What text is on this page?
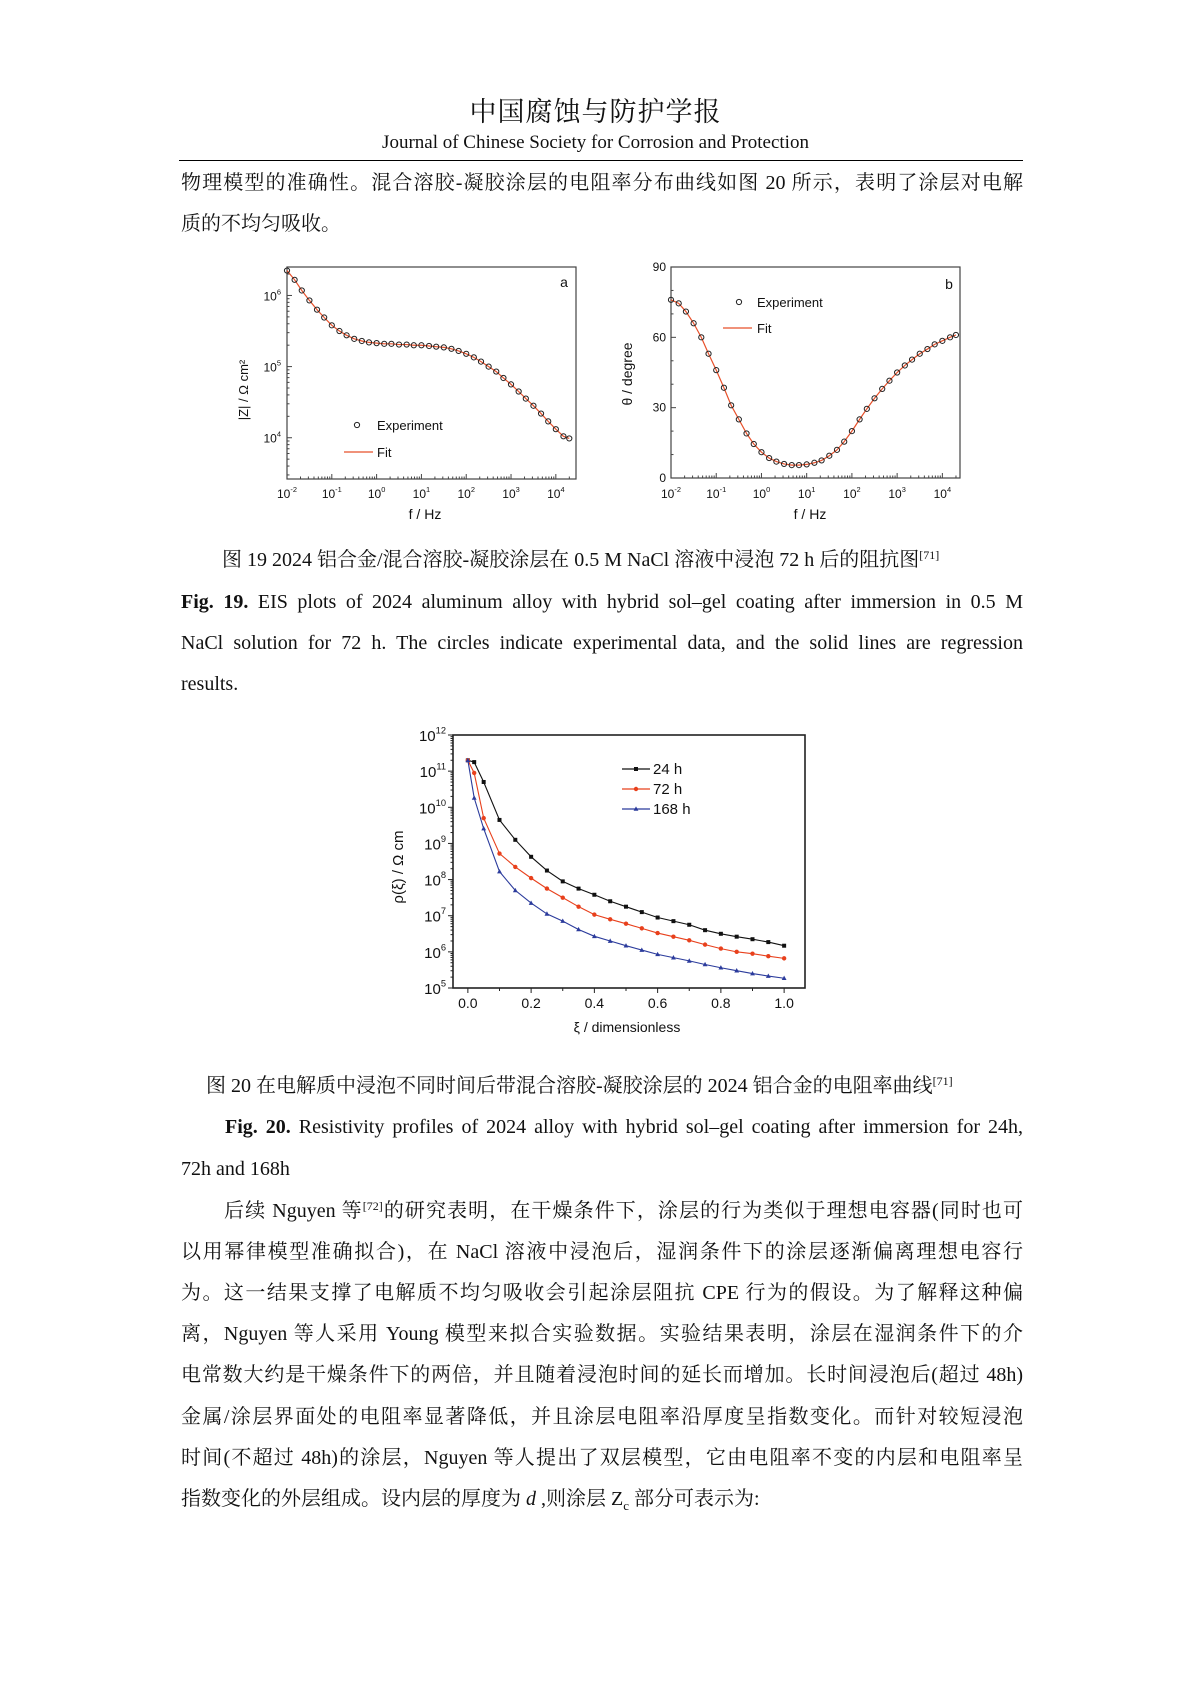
中国腐蚀与防护学报
Journal of Chinese Society for Corrosion and Protection
物理模型的准确性。混合溶胶-凝胶涂层的电阻率分布曲线如图 20 所示，表明了涂层对电解
质的不均匀吸收。
图 19 2024 铝合金/混合溶胶-凝胶涂层在 0.5 M NaCl 溶液中浸泡 72 h 后的阻抗图[71]
Fig. 19. EIS plots of 2024 aluminum alloy with hybrid sol–gel coating after immersion in 0.5 M
NaCl solution for 72 h. The circles indicate experimental data, and the solid lines are regression
results.
图 20 在电解质中浸泡不同时间后带混合溶胶-凝胶涂层的 2024 铝合金的电阻率曲线[71]
Fig. 20. Resistivity profiles of 2024 alloy with hybrid sol–gel coating after immersion for 24h,
72h and 168h
后续 Nguyen 等[72]的研究表明，在干燥条件下，涂层的行为类似于理想电容器(同时也可
以用幂律模型准确拟合)，在 NaCl 溶液中浸泡后，湿润条件下的涂层逐渐偏离理想电容行
为。这一结果支撑了电解质不均匀吸收会引起涂层阻抗 CPE 行为的假设。为了解释这种偏
离，Nguyen 等人采用 Young 模型来拟合实验数据。实验结果表明，涂层在湿润条件下的介
电常数大约是干燥条件下的两倍，并且随着浸泡时间的延长而增加。长时间浸泡后(超过 48h)
金属/涂层界面处的电阻率显著降低，并且涂层电阻率沿厚度呈指数变化。而针对较短浸泡
时间(不超过 48h)的涂层，Nguyen 等人提出了双层模型，它由电阻率不变的内层和电阻率呈
指数变化的外层组成。设内层的厚度为 d ,则涂层 $Z_c$ 部分可表示为:
$10^{-2}$ $10^{-1}$ $10^0$ $10^1$ $10^2$ $10^3$ $10^4$
$10^4$
$10^5$
$10^6$
a
Experiment
Fit
f / Hz
|Z| / Ω cm²
$10^{-2}$ $10^{-1}$ $10^0$ $10^1$ $10^2$ $10^3$ $10^4$
0
30
60
90
b
Experiment
Fit
f / Hz
θ / degree
0.0	0.2	0.4	0.6	0.8	1.0
$10^5$
$10^6$
$10^7$
$10^8$
$10^9$
$10^{10}$
$10^{11}$
$10^{12}$
24 h
72 h
168 h
ξ / dimensionless
ρ(ξ) / Ω cm
